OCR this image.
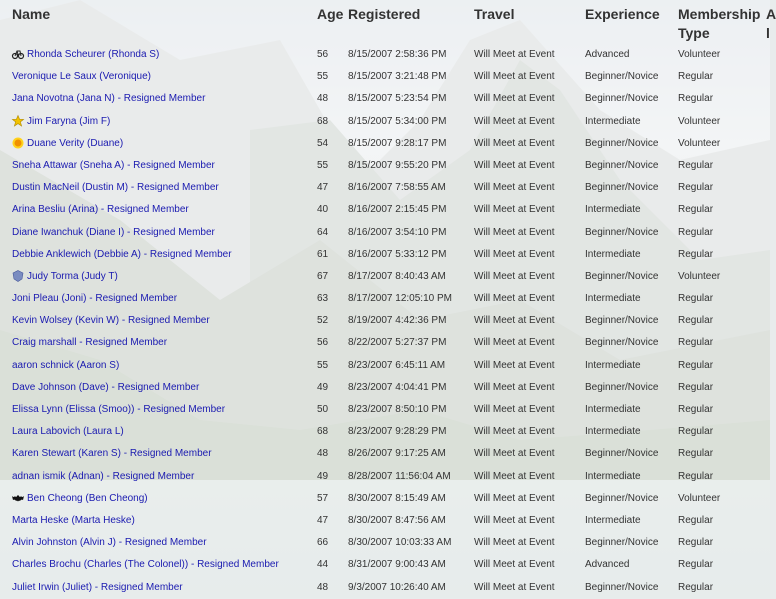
Name	Age Registered	Travel	Experience Membership
Type
A
l
Rhonda Scheurer (Rhonda S)	56 8/15/2007 2:58:36 PM	Will Meet at Event	Advanced	Volunteer
Veronique Le Saux (Veronique)	55 8/15/2007 3:21:48 PM	Will Meet at Event	Beginner/Novice Regular
Jana Novotna (Jana N) - Resigned Member	48 8/15/2007 5:23:54 PM	Will Meet at Event	Beginner/Novice Regular
Jim Faryna (Jim F)	68 8/15/2007 5:34:00 PM	Will Meet at Event	Intermediate	Volunteer
Duane Verity (Duane)	54 8/15/2007 9:28:17 PM	Will Meet at Event	Beginner/Novice Volunteer
Sneha Attawar (Sneha A) - Resigned Member	55 8/15/2007 9:55:20 PM	Will Meet at Event	Beginner/Novice Regular
Dustin MacNeil (Dustin M) - Resigned Member	47 8/16/2007 7:58:55 AM	Will Meet at Event	Beginner/Novice Regular
Arina Besliu (Arina) - Resigned Member	40 8/16/2007 2:15:45 PM	Will Meet at Event	Intermediate	Regular
Diane Iwanchuk (Diane I) - Resigned Member	64 8/16/2007 3:54:10 PM	Will Meet at Event	Beginner/Novice Regular
Debbie Anklewich (Debbie A) - Resigned Member	61 8/16/2007 5:33:12 PM	Will Meet at Event	Intermediate	Regular
Judy Torma (Judy T)	67 8/17/2007 8:40:43 AM	Will Meet at Event	Beginner/Novice Volunteer
Joni Pleau (Joni) - Resigned Member	63 8/17/2007 12:05:10 PM Will Meet at Event	Intermediate	Regular
Kevin Wolsey (Kevin W) - Resigned Member	52 8/19/2007 4:42:36 PM	Will Meet at Event	Beginner/Novice Regular
Craig marshall - Resigned Member	56 8/22/2007 5:27:37 PM	Will Meet at Event	Beginner/Novice Regular
aaron schnick (Aaron S)	55 8/23/2007 6:45:11 AM	Will Meet at Event	Intermediate	Regular
Dave Johnson (Dave) - Resigned Member	49 8/23/2007 4:04:41 PM	Will Meet at Event	Beginner/Novice Regular
Elissa Lynn (Elissa (Smoo)) - Resigned Member	50 8/23/2007 8:50:10 PM	Will Meet at Event	Intermediate	Regular
Laura Labovich (Laura L)	68 8/23/2007 9:28:29 PM	Will Meet at Event	Intermediate	Regular
Karen Stewart (Karen S) - Resigned Member	48 8/26/2007 9:17:25 AM	Will Meet at Event	Beginner/Novice Regular
adnan ismik (Adnan) - Resigned Member	49 8/28/2007 11:56:04 AM Will Meet at Event	Intermediate	Regular
Ben Cheong (Ben Cheong)	57 8/30/2007 8:15:49 AM	Will Meet at Event	Beginner/Novice Volunteer
Marta Heske (Marta Heske)	47 8/30/2007 8:47:56 AM	Will Meet at Event	Intermediate	Regular
Alvin Johnston (Alvin J) - Resigned Member	66 8/30/2007 10:03:33 AM Will Meet at Event	Beginner/Novice Regular
Charles Brochu (Charles (The Colonel)) - Resigned Member	44 8/31/2007 9:00:43 AM	Will Meet at Event	Advanced	Regular
Juliet Irwin (Juliet) - Resigned Member	48 9/3/2007 10:26:40 AM	Will Meet at Event	Beginner/Novice Regular
